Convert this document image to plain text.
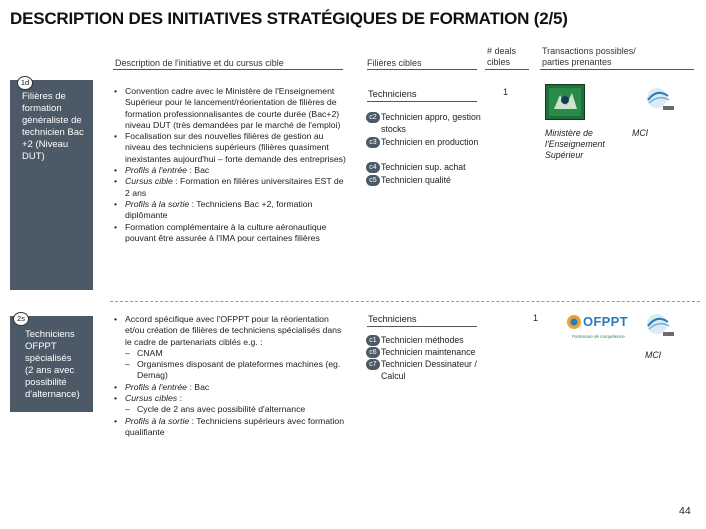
DESCRIPTION DES INITIATIVES STRATÉGIQUES DE FORMATION (2/5)
Description de l'initiative et du cursus cible	Filières cibles
# deals
cibles
Transactions possibles/
parties prenantes
1d
Filières de
formation
généraliste de
technicien Bac
+2 (Niveau
DUT)

• Convention cadre avec le Ministère de l'Enseignement Supérieur pour le lancement/réorientation de filières de formation professionnalisantes de courte durée (Bac+2) niveau DUT (très demandées par le marché de l'emploi)

• Focalisation sur des nouvelles filières de gestion au niveau des techniciens supérieurs (filières quasiment inexistantes aujourd'hui – forte demande des entreprises)

• Profils à l'entrée : Bac

• Cursus cible : Formation en filières universitaires EST de 2 ans

• Profils à la sortie : Techniciens Bac +2, formation diplômante

• Formation complémentaire à la culture aéronautique pouvant être assurée à l'IMA pour certaines filières

Techniciens
c2 Technicien appro, gestion stocks
c3 Technicien en production
c4 Technicien sup. achat
c5 Technicien qualité
1
Ministère de l'Enseignement Supérieur
MCI
2s
Techniciens
OFPPT
spécialisés
(2 ans avec
possibilité
d'alternance)

• Accord spécifique avec l'OFPPT pour la réorientation et/ou création de filières de techniciens spécialisés dans le cadre de partenariats ciblés e.g. :

– CNAM

– Organismes disposant de plateformes machines (eg. Demag)

• Profils à l'entrée : Bac

• Cursus cibles :

– Cycle de 2 ans avec possibilité d'alternance

• Profils à la sortie : Techniciens supérieurs avec formation qualifiante

Techniciens
c1 Technicien méthodes
c6 Technicien maintenance
c7 Technicien Dessinateur / Calcul
1	OFPPT
Partenaire de compétence
MCI
44
